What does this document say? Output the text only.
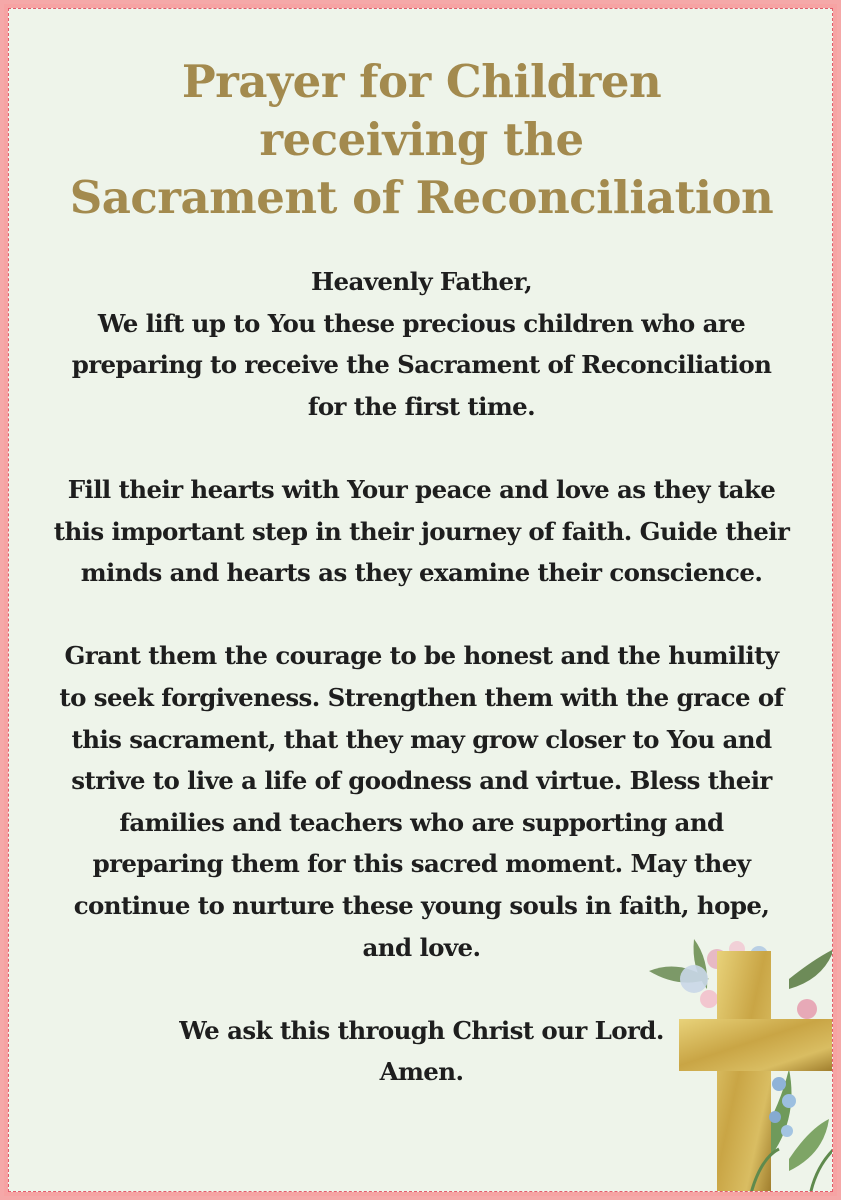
Prayer for Children
receiving the
Sacrament of Reconciliation
Heavenly Father,
We lift up to You these precious children who are
preparing to receive the Sacrament of Reconciliation
for the first time.
Fill their hearts with Your peace and love as they take
this important step in their journey of faith. Guide their
minds and hearts as they examine their conscience.
Grant them the courage to be honest and the humility
to seek forgiveness. Strengthen them with the grace of
this sacrament, that they may grow closer to You and
strive to live a life of goodness and virtue. Bless their
families and teachers who are supporting and
preparing them for this sacred moment. May they
continue to nurture these young souls in faith, hope,
and love.
We ask this through Christ our Lord.
Amen.
